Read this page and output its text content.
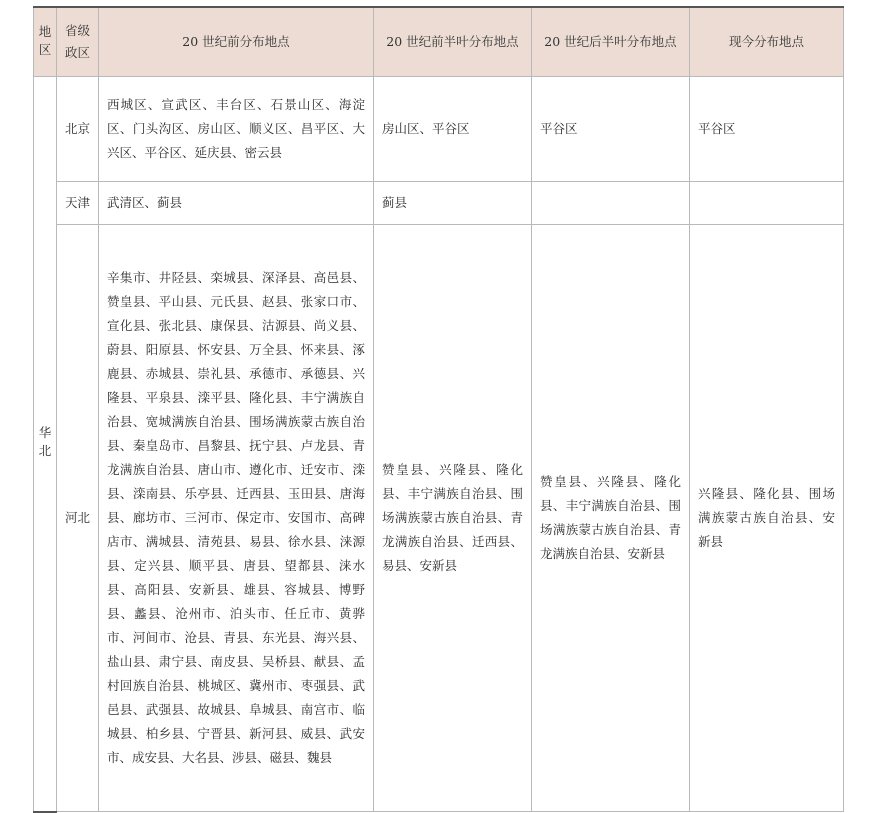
地区	省级政区	20 世纪前分布地点	20 世纪前半叶分布地点	20 世纪后半叶分布地点	现今分布地点
华北	北京	西城区、宣武区、丰台区、石景山区、海淀区、门头沟区、房山区、顺义区、昌平区、大兴区、平谷区、延庆县、密云县	房山区、平谷区	平谷区	平谷区
	天津	武清区、蓟县	蓟县		
	河北	辛集市、井陉县、栾城县、深泽县、高邑县、赞皇县、平山县、元氏县、赵县、张家口市、宣化县、张北县、康保县、沽源县、尚义县、蔚县、阳原县、怀安县、万全县、怀来县、涿鹿县、赤城县、崇礼县、承德市、承德县、兴隆县、平泉县、滦平县、隆化县、丰宁满族自治县、宽城满族自治县、围场满族蒙古族自治县、秦皇岛市、昌黎县、抚宁县、卢龙县、青龙满族自治县、唐山市、遵化市、迁安市、滦县、滦南县、乐亭县、迁西县、玉田县、唐海县、廊坊市、三河市、保定市、安国市、高碑店市、满城县、清苑县、易县、徐水县、涞源县、定兴县、顺平县、唐县、望都县、涞水县、高阳县、安新县、雄县、容城县、博野县、蠡县、沧州市、泊头市、任丘市、黄骅市、河间市、沧县、青县、东光县、海兴县、盐山县、肃宁县、南皮县、吴桥县、献县、孟村回族自治县、桃城区、冀州市、枣强县、武邑县、武强县、故城县、阜城县、南宫市、临城县、柏乡县、宁晋县、新河县、威县、武安市、成安县、大名县、涉县、磁县、魏县	赞皇县、兴隆县、隆化县、丰宁满族自治县、围场满族蒙古族自治县、青龙满族自治县、迁西县、易县、安新县	赞皇县、兴隆县、隆化县、丰宁满族自治县、围场满族蒙古族自治县、青龙满族自治县、安新县	兴隆县、隆化县、围场满族蒙古族自治县、安新县
